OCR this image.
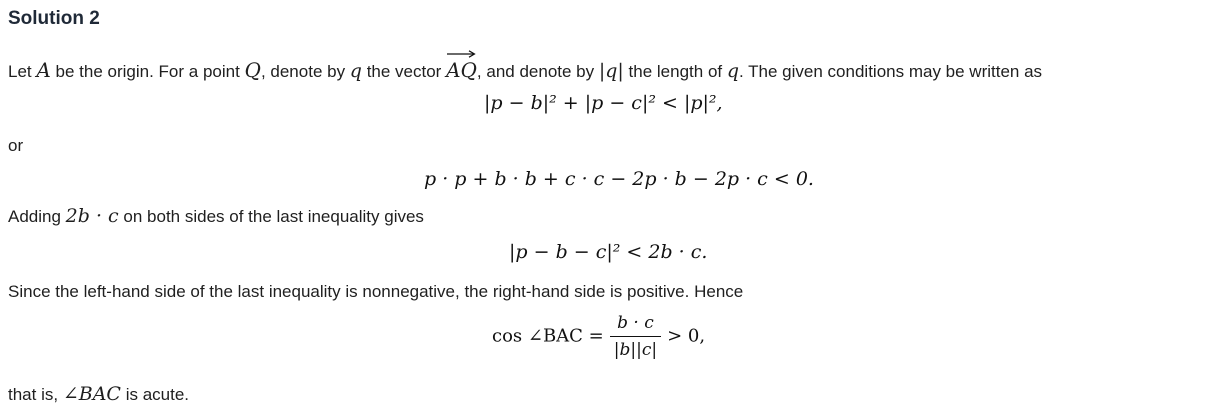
Solution 2
Let A be the origin. For a point Q, denote by q the vector
AQ, and denote by |q| the length of q. The given conditions may be written as
|p − b|² + |p − c|² < |p|²,
or
p · p + b · b + c · c − 2p · b − 2p · c < 0.
Adding 2b · c on both sides of the last inequality gives
|p − b − c|² < 2b · c.
Since the left-hand side of the last inequality is nonnegative, the right-hand side is positive. Hence
cos ∠BAC = $\frac{b \cdot c}{|b||c|} > 0$,
that is, ∠BAC is acute.
